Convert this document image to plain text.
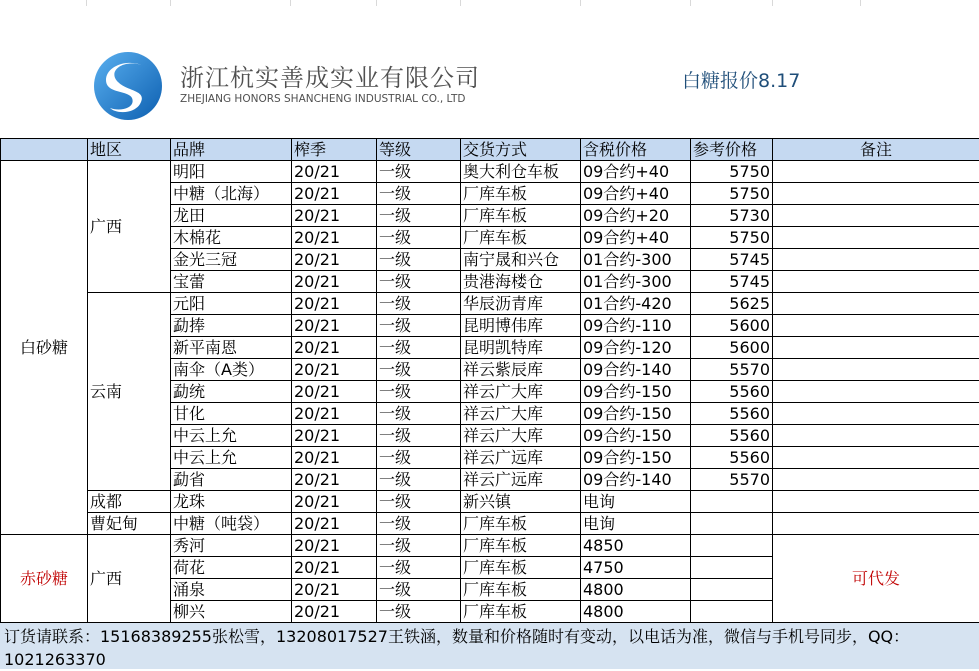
浙江杭实善成实业有限公司
ZHEJIANG HONORS SHANCHENG INDUSTRIAL CO., LTD
白糖报价8.17
	地区	品牌	榨季	等级	交货方式	含税价格	参考价格	备注
白砂糖	广西	明阳	20/21	一级	奥大利仓车板	09合约+40	5750	
		中糖（北海）	20/21	一级	厂库车板	09合约+40	5750	
		龙田	20/21	一级	厂库车板	09合约+20	5730	
		木棉花	20/21	一级	厂库车板	09合约+40	5750	
		金光三冠	20/21	一级	南宁晟和兴仓	01合约-300	5745	
		宝蕾	20/21	一级	贵港海楼仓	01合约-300	5745	
	云南	元阳	20/21	一级	华辰沥青库	01合约-420	5625	
		勐捧	20/21	一级	昆明博伟库	09合约-110	5600	
		新平南恩	20/21	一级	昆明凯特库	09合约-120	5600	
		南伞（A类）	20/21	一级	祥云紫辰库	09合约-140	5570	
		勐统	20/21	一级	祥云广大库	09合约-150	5560	
		甘化	20/21	一级	祥云广大库	09合约-150	5560	
		中云上允	20/21	一级	祥云广大库	09合约-150	5560	
		中云上允	20/21	一级	祥云广远库	09合约-150	5560	
		勐省	20/21	一级	祥云广远库	09合约-140	5570	
	成都	龙珠	20/21	一级	新兴镇	电询		
	曹妃甸	中糖（吨袋）	20/21	一级	厂库车板	电询		
赤砂糖	广西	秀河	20/21	一级	厂库车板	4850		可代发
		荷花	20/21	一级	厂库车板	4750		
		涌泉	20/21	一级	厂库车板	4800		
		柳兴	20/21	一级	厂库车板	4800		
订货请联系：15168389255张松雪，13208017527王铁涵，数量和价格随时有变动，以电话为准，微信与手机号同步，QQ：1021263370
